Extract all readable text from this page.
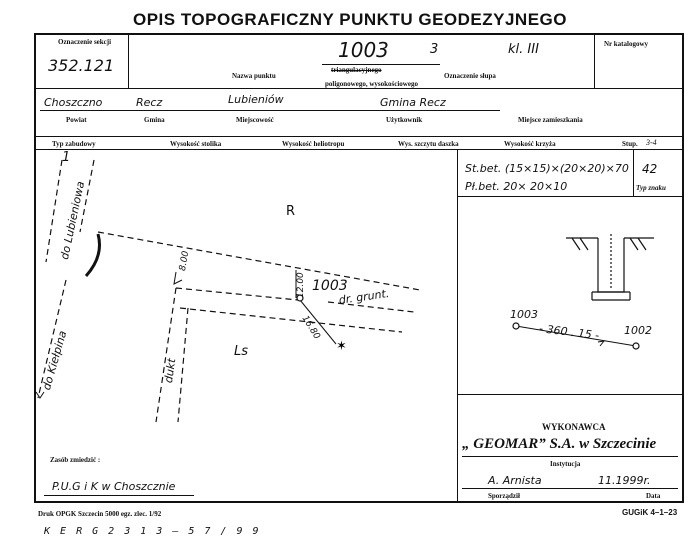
OPIS TOPOGRAFICZNY PUNKTU GEODEZYJNEGO
Oznaczenie sekcji
352.121
1003	3	kl. III	Nr katalogowy
Nazwa punktu
triangulacyjnego
poligonowego, wysokościowego
Oznaczenie słupa
Choszczno	Recz	Lubieniów	Gmina Recz
Powiat	Gmina	Miejscowość	Użytkownik	Miejsce zamieszkania
Typ zabudowy	Wysokość stolika	Wysokość heliotropu	Wys. szczytu daszka	Wysokość krzyża	Stup. 3-4
St.bet. (15×15)×(20×20)×70
Pł.bet. 20× 20×10
42
Typ znaku
✶
1
do Lubieniowa
do Kiełpina
R
Ls
1003
dr. grunt.
dukt
12.00
16.80
8.00
1003
1002
- 360 . 15 -
WYKONAWCA
„ GEOMAR” S.A. w Szczecinie
Instytucja
A. Arnista	11.1999r.
Sporządził	Data
Zasób zmiedzić :
P.U.G i K w Choszcznie
Druk OPGK Szczecin 5000 egz. zlec. 1/92
K E R G 2 3 1 3 – 5 7 / 9 9
GUGiK 4–1–23
